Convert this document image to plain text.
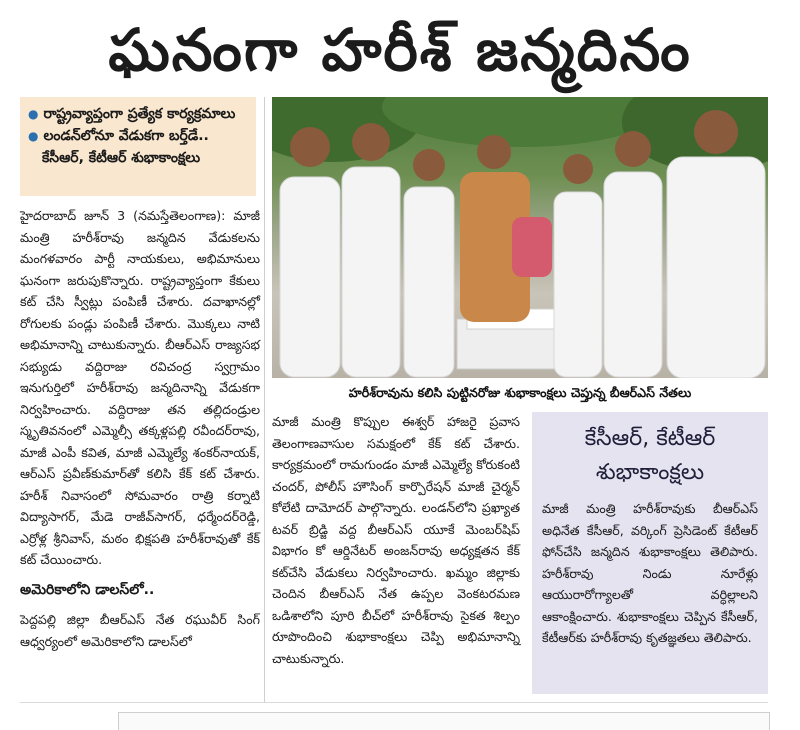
ఘనంగా హరీశ్ జన్మదినం
● రాష్ట్రవ్యాప్తంగా ప్రత్యేక కార్యక్రమాలు
● లండన్‌లోనూ వేడుకగా బర్త్‌డే..
కేసీఆర్, కేటీఆర్ శుభాకాంక్షలు

హైదరాబాద్ జూన్ 3 (నమస్తేతెలంగాణ): మాజీ మంత్రి హరీశ్‌రావు జన్మదిన వేడుకలను మంగళవారం పార్టీ నాయకులు, అభిమానులు ఘనంగా జరుపుకొన్నారు. రాష్ట్రవ్యాప్తంగా కేకులు కట్ చేసి స్వీట్లు పంపిణీ చేశారు. దవాఖానల్లో రోగులకు పండ్లు పంపిణీ చేశారు. మొక్కలు నాటి అభిమానాన్ని చాటుకున్నారు. బీఆర్ఎస్ రాజ్యసభ సభ్యుడు వద్దిరాజు రవిచంద్ర స్వగ్రామం ఇనుగుర్తిలో హరీశ్‌రావు జన్మదినాన్ని వేడుకగా నిర్వహించారు. వద్దిరాజు తన తల్లిదండ్రుల స్మృతివనంలో ఎమ్మెల్సీ తక్కళ్లపల్లి రవీందర్‌రావు, మాజీ ఎంపీ కవిత, మాజీ ఎమ్మెల్యే శంకర్‌నాయక్, ఆర్ఎస్ ప్రవీణ్‌కుమార్‌తో కలిసి కేక్ కట్ చేశారు. హరీశ్ నివాసంలో సోమవారం రాత్రి కర్నాటి విద్యాసాగర్, మేడె రాజీవ్‌సాగర్, ధర్మేందర్‌రెడ్డి, ఎర్రోళ్ల శ్రీనివాస్, మఠం భిక్షపతి హరీశ్‌రావుతో కేక్ కట్ చేయించారు.

అమెరికాలోని డాలస్‌లో..

పెద్దపల్లి జిల్లా బీఆర్ఎస్ నేత రఘువీర్ సింగ్ ఆధ్వర్యంలో అమెరికాలోని డాలస్‌లో

హరీశ్‌రావును కలిసి పుట్టినరోజు శుభాకాంక్షలు చెప్తున్న బీఆర్ఎస్ నేతలు

మాజీ మంత్రి కొప్పుల ఈశ్వర్ హాజరై ప్రవాస తెలంగాణవాసుల సమక్షంలో కేక్ కట్ చేశారు. కార్యక్రమంలో రామగుండం మాజీ ఎమ్మెల్యే కోరుకంటి చందర్, పోలీస్ హౌసింగ్ కార్పొరేషన్ మాజీ చైర్మన్ కోలేటి దామోదర్ పాల్గొన్నారు. లండన్‌లోని ప్రఖ్యాత టవర్ బ్రిడ్జి వద్ద బీఆర్ఎస్ యూకే మెంబర్‌షిప్ విభాగం కో ఆర్డినేటర్ అంజన్‌రావు అధ్యక్షతన కేక్ కట్‌చేసి వేడుకలు నిర్వహించారు. ఖమ్మం జిల్లాకు చెందిన బీఆర్ఎస్ నేత ఉప్పల వెంకటరమణ ఒడిశాలోని పూరి బీచ్‌లో హరీశ్‌రావు సైకత శిల్పం రూపొందించి శుభాకాంక్షలు చెప్పి అభిమానాన్ని చాటుకున్నారు.

కేసీఆర్, కేటీఆర్
శుభాకాంక్షలు
మాజీ మంత్రి హరీశ్‌రావుకు బీఆర్ఎస్ అధినేత కేసీఆర్, వర్కింగ్ ప్రెసిడెంట్ కేటీఆర్ ఫోన్‌చేసి జన్మదిన శుభాకాంక్షలు తెలిపారు. హరీశ్‌రావు నిండు నూరేళ్లు ఆయురారోగ్యాలతో వర్ధిల్లాలని ఆకాంక్షించారు. శుభాకాంక్షలు చెప్పిన కేసీఆర్, కేటీఆర్‌కు హరీశ్‌రావు కృతజ్ఞతలు తెలిపారు.
